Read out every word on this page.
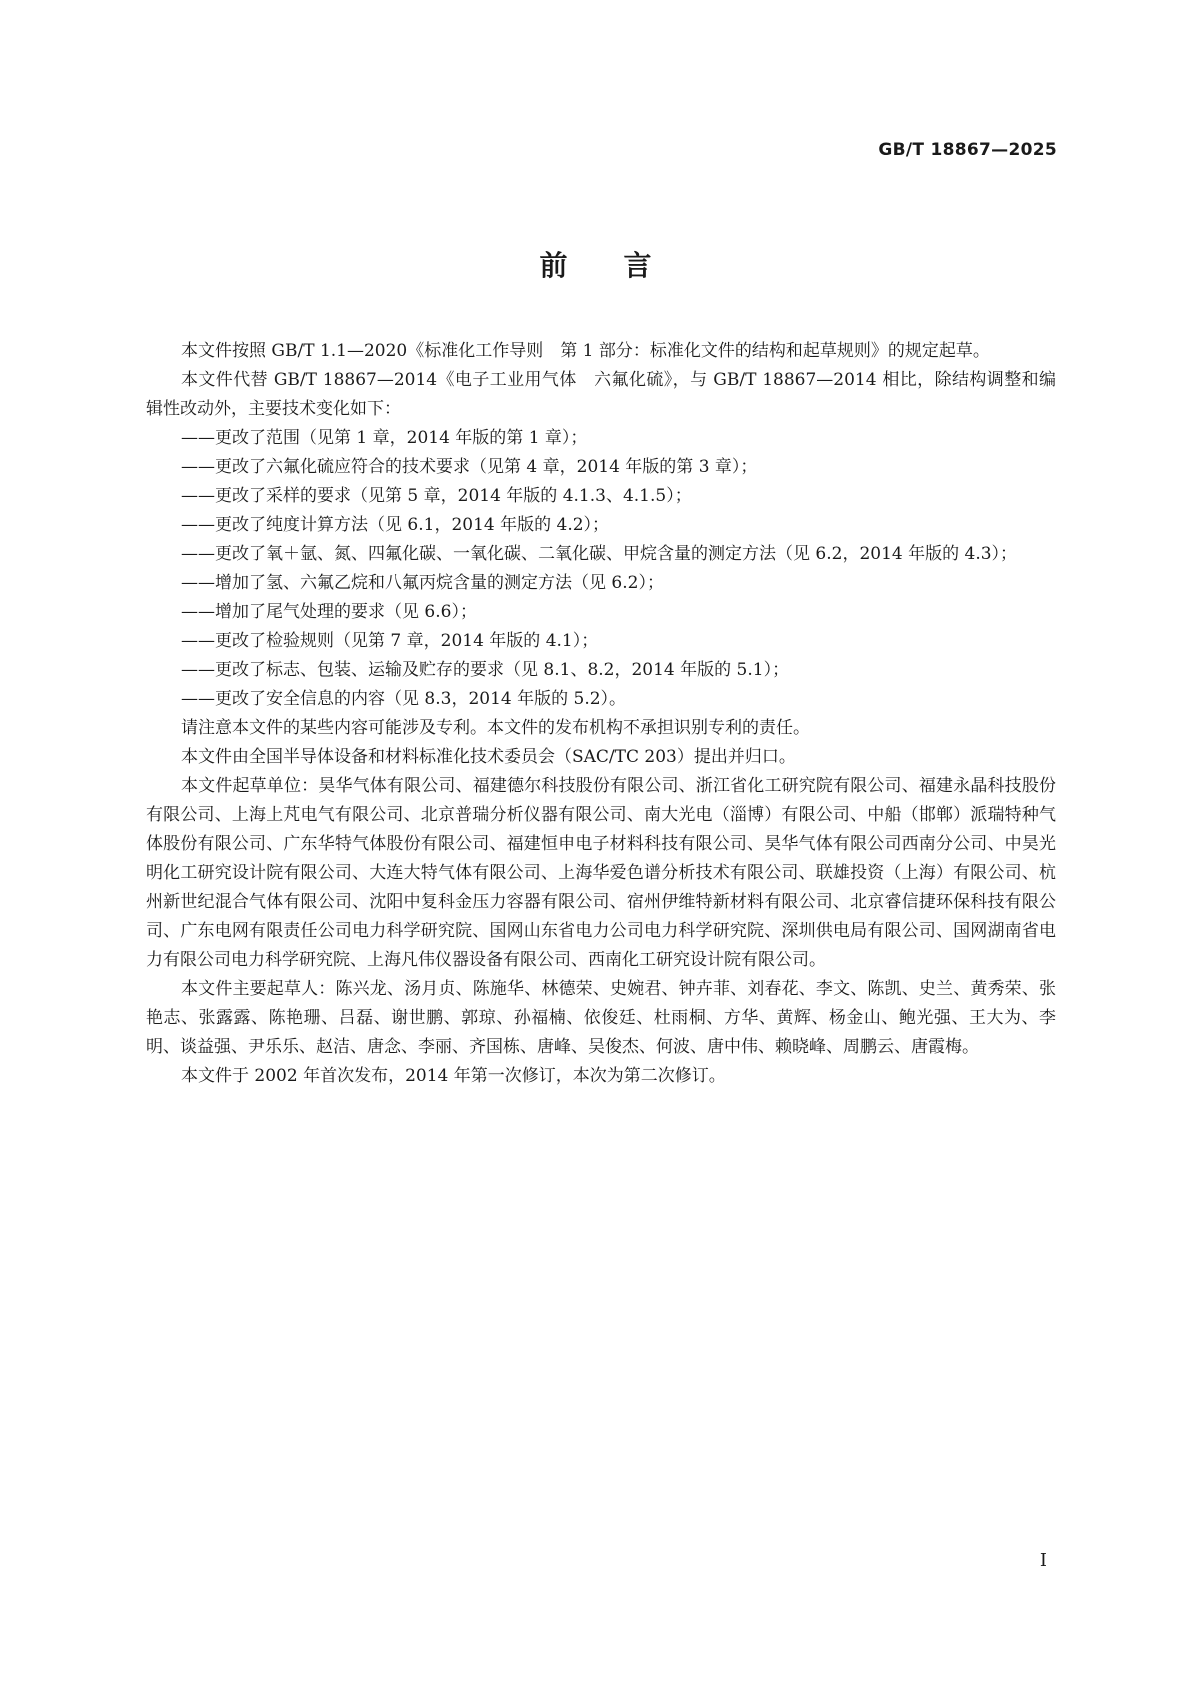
GB/T 18867—2025
前言

本文件按照 GB/T 1.1—2020《标准化工作导则　第 1 部分：标准化文件的结构和起草规则》的规定起草。

本文件代替 GB/T 18867—2014《电子工业用气体　六氟化硫》，与 GB/T 18867—2014 相比，除结构调整和编辑性改动外，主要技术变化如下：

——更改了范围（见第 1 章，2014 年版的第 1 章）；
——更改了六氟化硫应符合的技术要求（见第 4 章，2014 年版的第 3 章）；
——更改了采样的要求（见第 5 章，2014 年版的 4.1.3、4.1.5）；
——更改了纯度计算方法（见 6.1，2014 年版的 4.2）；
——更改了氧＋氩、氮、四氟化碳、一氧化碳、二氧化碳、甲烷含量的测定方法（见 6.2，2014 年版的 4.3）；
——增加了氢、六氟乙烷和八氟丙烷含量的测定方法（见 6.2）；
——增加了尾气处理的要求（见 6.6）；
——更改了检验规则（见第 7 章，2014 年版的 4.1）；
——更改了标志、包装、运输及贮存的要求（见 8.1、8.2，2014 年版的 5.1）；
——更改了安全信息的内容（见 8.3，2014 年版的 5.2）。

请注意本文件的某些内容可能涉及专利。本文件的发布机构不承担识别专利的责任。

本文件由全国半导体设备和材料标准化技术委员会（SAC/TC 203）提出并归口。

本文件起草单位：昊华气体有限公司、福建德尔科技股份有限公司、浙江省化工研究院有限公司、福建永晶科技股份有限公司、上海上芃电气有限公司、北京普瑞分析仪器有限公司、南大光电（淄博）有限公司、中船（邯郸）派瑞特种气体股份有限公司、广东华特气体股份有限公司、福建恒申电子材料科技有限公司、昊华气体有限公司西南分公司、中昊光明化工研究设计院有限公司、大连大特气体有限公司、上海华爱色谱分析技术有限公司、联雄投资（上海）有限公司、杭州新世纪混合气体有限公司、沈阳中复科金压力容器有限公司、宿州伊维特新材料有限公司、北京睿信捷环保科技有限公司、广东电网有限责任公司电力科学研究院、国网山东省电力公司电力科学研究院、深圳供电局有限公司、国网湖南省电力有限公司电力科学研究院、上海凡伟仪器设备有限公司、西南化工研究设计院有限公司。

本文件主要起草人：陈兴龙、汤月贞、陈施华、林德荣、史婉君、钟卉菲、刘春花、李文、陈凯、史兰、黄秀荣、张艳志、张露露、陈艳珊、吕磊、谢世鹏、郭琼、孙福楠、依俊廷、杜雨桐、方华、黄辉、杨金山、鲍光强、王大为、李明、谈益强、尹乐乐、赵洁、唐念、李丽、齐国栋、唐峰、吴俊杰、何波、唐中伟、赖晓峰、周鹏云、唐霞梅。

本文件于 2002 年首次发布，2014 年第一次修订，本次为第二次修订。

I
